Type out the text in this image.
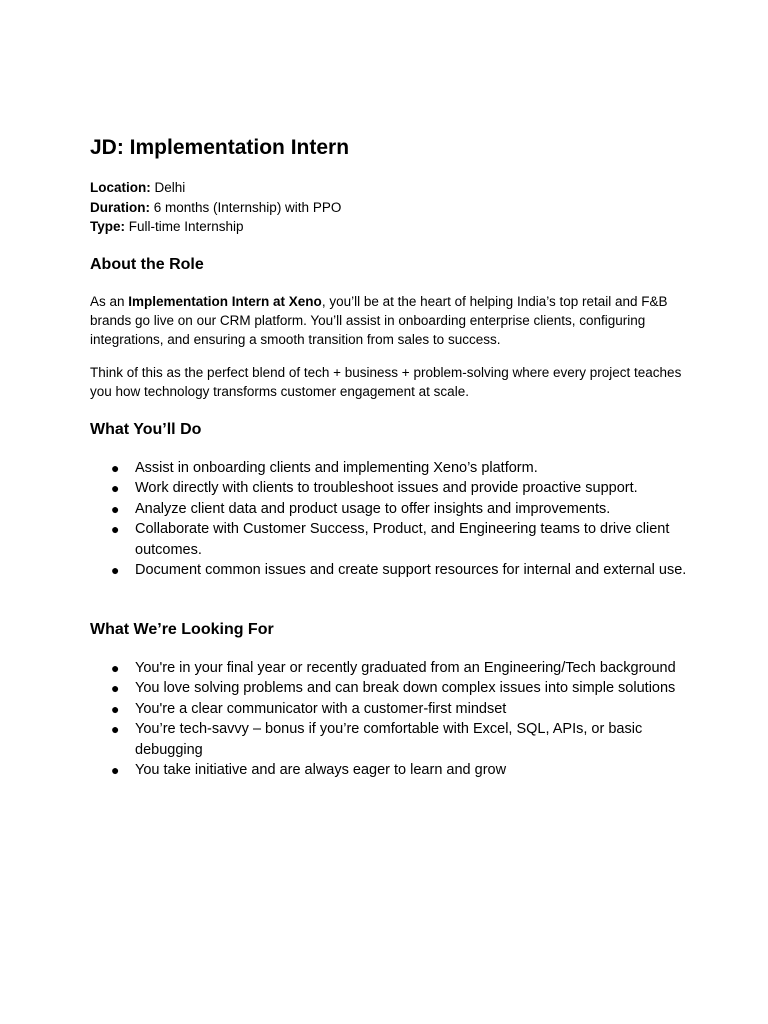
JD: Implementation Intern
Location: Delhi
Duration: 6 months (Internship) with PPO
Type: Full-time Internship
About the Role

As an Implementation Intern at Xeno, you’ll be at the heart of helping India’s top retail and F&B brands go live on our CRM platform. You’ll assist in onboarding enterprise clients, configuring integrations, and ensuring a smooth transition from sales to success.

Think of this as the perfect blend of tech + business + problem-solving where every project teaches you how technology transforms customer engagement at scale.

What You’ll Do
● Assist in onboarding clients and implementing Xeno’s platform.
● Work directly with clients to troubleshoot issues and provide proactive support.
● Analyze client data and product usage to offer insights and improvements.
● Collaborate with Customer Success, Product, and Engineering teams to drive client outcomes.
● Document common issues and create support resources for internal and external use.
What We’re Looking For
● You're in your final year or recently graduated from an Engineering/Tech background
● You love solving problems and can break down complex issues into simple solutions
● You're a clear communicator with a customer-first mindset
● You’re tech-savvy – bonus if you’re comfortable with Excel, SQL, APIs, or basic debugging
● You take initiative and are always eager to learn and grow
